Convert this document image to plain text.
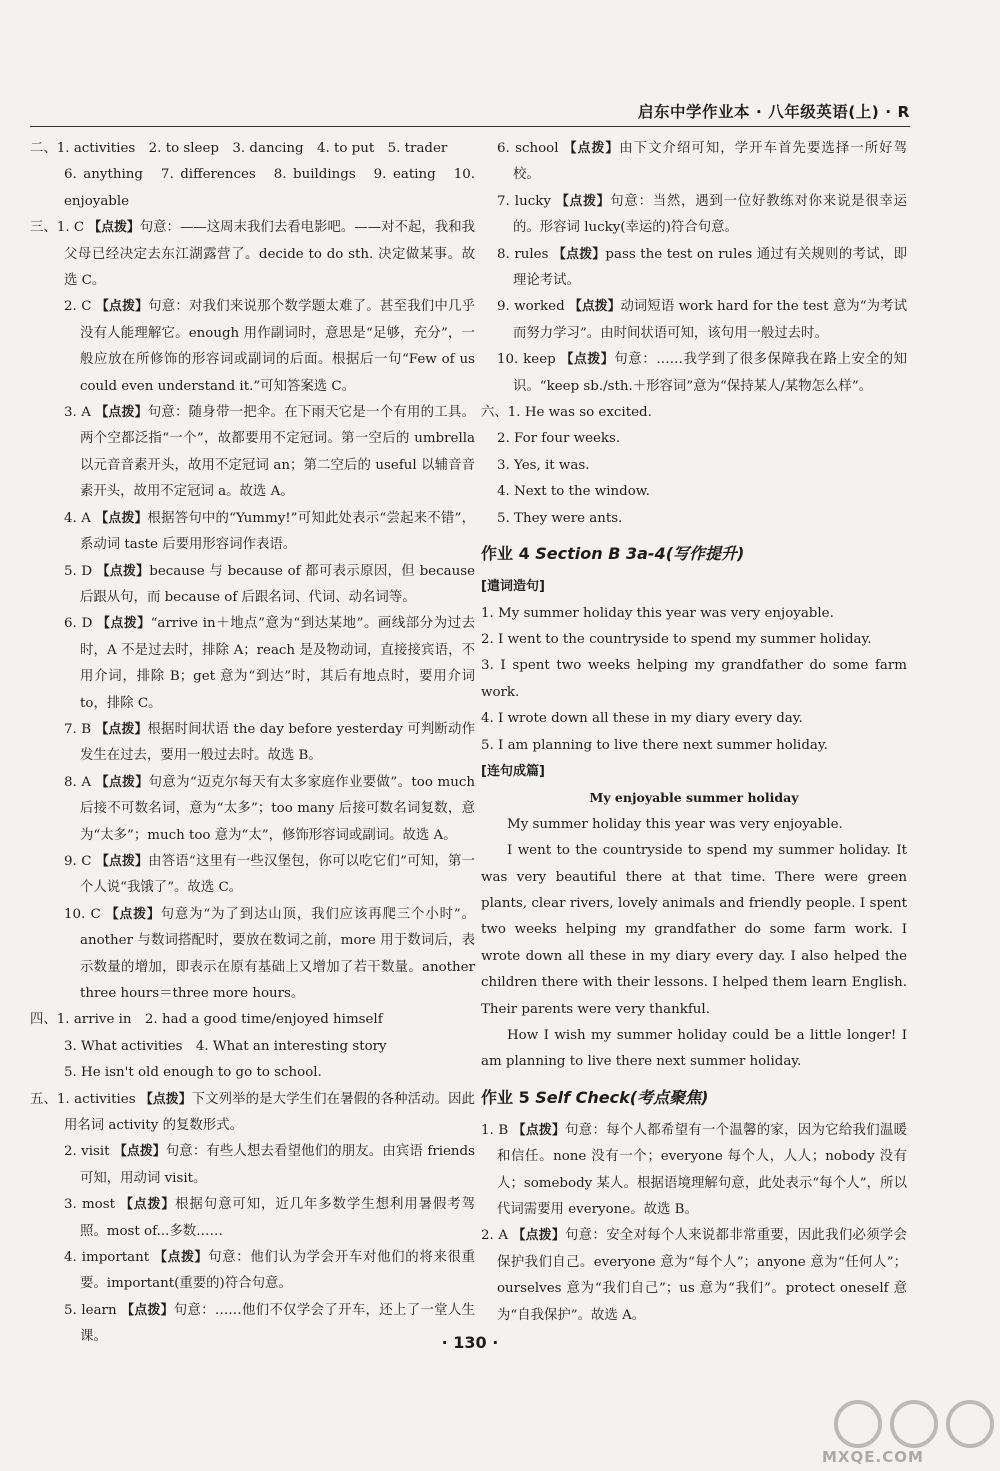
启东中学作业本 · 八年级英语(上) · R

二、1. activities　2. to sleep　3. dancing　4. to put　5. trader

6. anything　7. differences　8. buildings　9. eating　10. enjoyable

三、1. C 【点拨】句意：——这周末我们去看电影吧。——对不起，我和我父母已经决定去东江湖露营了。decide to do sth. 决定做某事。故选 C。

2. C 【点拨】句意：对我们来说那个数学题太难了。甚至我们中几乎没有人能理解它。enough 用作副词时，意思是“足够，充分”，一般应放在所修饰的形容词或副词的后面。根据后一句“Few of us could even understand it.”可知答案选 C。

3. A 【点拨】句意：随身带一把伞。在下雨天它是一个有用的工具。两个空都泛指“一个”，故都要用不定冠词。第一空后的 umbrella 以元音音素开头，故用不定冠词 an；第二空后的 useful 以辅音音素开头，故用不定冠词 a。故选 A。

4. A 【点拨】根据答句中的“Yummy!”可知此处表示“尝起来不错”，系动词 taste 后要用形容词作表语。

5. D 【点拨】because 与 because of 都可表示原因，但 because 后跟从句，而 because of 后跟名词、代词、动名词等。

6. D 【点拨】“arrive in＋地点”意为“到达某地”。画线部分为过去时，A 不是过去时，排除 A；reach 是及物动词，直接接宾语，不用介词，排除 B；get 意为“到达”时，其后有地点时，要用介词 to，排除 C。

7. B 【点拨】根据时间状语 the day before yesterday 可判断动作发生在过去，要用一般过去时。故选 B。

8. A 【点拨】句意为“迈克尔每天有太多家庭作业要做”。too much 后接不可数名词，意为“太多”；too many 后接可数名词复数，意为“太多”；much too 意为“太”，修饰形容词或副词。故选 A。

9. C 【点拨】由答语“这里有一些汉堡包，你可以吃它们”可知，第一个人说“我饿了”。故选 C。

10. C 【点拨】句意为“为了到达山顶，我们应该再爬三个小时”。another 与数词搭配时，要放在数词之前，more 用于数词后，表示数量的增加，即表示在原有基础上又增加了若干数量。another three hours＝three more hours。

四、1. arrive in　2. had a good time/enjoyed himself

3. What activities　4. What an interesting story

5. He isn't old enough to go to school.

五、1. activities 【点拨】下文列举的是大学生们在暑假的各种活动。因此用名词 activity 的复数形式。

2. visit 【点拨】句意：有些人想去看望他们的朋友。由宾语 friends 可知，用动词 visit。

3. most 【点拨】根据句意可知，近几年多数学生想利用暑假考驾照。most of...多数……

4. important 【点拨】句意：他们认为学会开车对他们的将来很重要。important(重要的)符合句意。

5. learn 【点拨】句意：……他们不仅学会了开车，还上了一堂人生课。

6. school 【点拨】由下文介绍可知，学开车首先要选择一所好驾校。

7. lucky 【点拨】句意：当然，遇到一位好教练对你来说是很幸运的。形容词 lucky(幸运的)符合句意。

8. rules 【点拨】pass the test on rules 通过有关规则的考试，即理论考试。

9. worked 【点拨】动词短语 work hard for the test 意为“为考试而努力学习”。由时间状语可知，该句用一般过去时。

10. keep 【点拨】句意：……我学到了很多保障我在路上安全的知识。“keep sb./sth.＋形容词”意为“保持某人/某物怎么样”。

六、1. He was so excited.

2. For four weeks.

3. Yes, it was.

4. Next to the window.

5. They were ants.

作业 4 Section B 3a-4(写作提升)

[遣词造句]

1. My summer holiday this year was very enjoyable.

2. I went to the countryside to spend my summer holiday.

3. I spent two weeks helping my grandfather do some farm work.

4. I wrote down all these in my diary every day.

5. I am planning to live there next summer holiday.

[连句成篇]

My enjoyable summer holiday

My summer holiday this year was very enjoyable.

I went to the countryside to spend my summer holiday. It was very beautiful there at that time. There were green plants, clear rivers, lovely animals and friendly people. I spent two weeks helping my grandfather do some farm work. I wrote down all these in my diary every day. I also helped the children there with their lessons. I helped them learn English. Their parents were very thankful.

How I wish my summer holiday could be a little longer! I am planning to live there next summer holiday.

作业 5 Self Check(考点聚焦)

1. B 【点拨】句意：每个人都希望有一个温馨的家，因为它给我们温暖和信任。none 没有一个；everyone 每个人，人人；nobody 没有人；somebody 某人。根据语境理解句意，此处表示“每个人”，所以代词需要用 everyone。故选 B。

2. A 【点拨】句意：安全对每个人来说都非常重要，因此我们必须学会保护我们自己。everyone 意为“每个人”；anyone 意为“任何人”；ourselves 意为“我们自己”；us 意为“我们”。protect oneself 意为“自我保护”。故选 A。

· 130 ·
MXQE.COM
